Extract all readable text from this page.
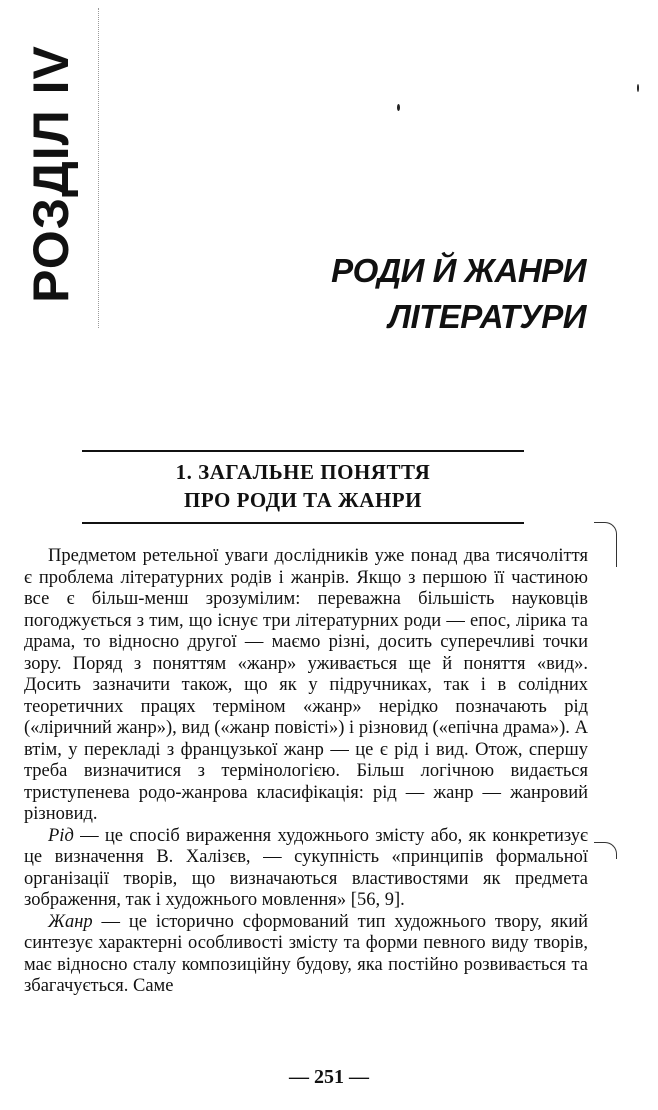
РОЗДІЛ IV	РОДИ Й ЖАНРИ
ЛІТЕРАТУРИ
1. ЗАГАЛЬНЕ ПОНЯТТЯ
ПРО РОДИ ТА ЖАНРИ

Предметом ретельної уваги дослідників уже понад два тисячоліття є проблема літературних родів і жанрів. Якщо з першою її частиною все є більш-менш зрозумілим: переважна більшість науковців погоджується з тим, що існує три літературних роди — епос, лірика та драма, то відносно другої — маємо різні, досить суперечливі точки зору. Поряд з поняттям «жанр» уживається ще й поняття «вид». Досить зазначити також, що як у підручниках, так і в солідних теоретичних працях терміном «жанр» нерідко позначають рід («ліричний жанр»), вид («жанр повісті») і різновид («епічна драма»). А втім, у перекладі з французької жанр — це є рід і вид. Отож, спершу треба визначитися з термінологією. Більш логічною видається триступенева родо-жанрова класифікація: рід — жанр — жанровий різновид.

Рід — це спосіб вираження художнього змісту або, як конкретизує це визначення В. Халізєв, — сукупність «принципів формальної організації творів, що визначаються властивостями як предмета зображення, так і художнього мовлення» [56, 9].

Жанр — це історично сформований тип художнього твору, який синтезує характерні особливості змісту та форми певного виду творів, має відносно сталу композиційну будову, яка постійно розвивається та збагачується. Саме

— 251 —
